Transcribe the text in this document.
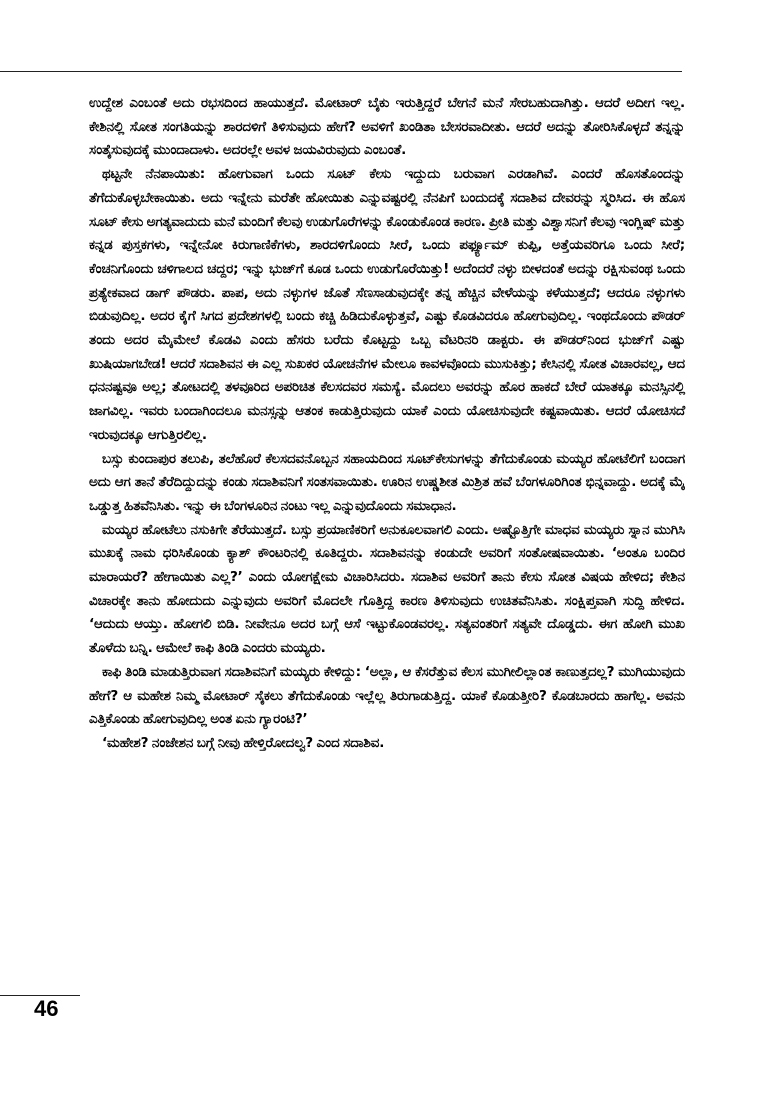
ಉದ್ದೇಶ ಎಂಬಂತೆ ಅದು ರಭಸದಿಂದ ಹಾಯುತ್ತದೆ. ಮೋಟಾರ್ ಬೈಕು ಇರುತ್ತಿದ್ದರೆ ಬೇಗನೆ ಮನೆ ಸೇರಬಹುದಾಗಿತ್ತು. ಆದರೆ ಅದೀಗ ಇಲ್ಲ. ಕೇಶಿನಲ್ಲಿ ಸೋತ ಸಂಗತಿಯನ್ನು ಶಾರದಳಿಗೆ ತಿಳಿಸುವುದು ಹೇಗೆ? ಅವಳಿಗೆ ಖಂಡಿತಾ ಬೇಸರವಾದೀತು. ಆದರೆ ಅದನ್ನು ತೋರಿಸಿಕೊಳ್ಳದೆ ತನ್ನನ್ನು ಸಂತೈಸುವುದಕ್ಕೆ ಮುಂದಾದಾಳು. ಅದರಲ್ಲೇ ಅವಳ ಜಯವಿರುವುದು ಎಂಬಂತೆ.

ಥಟ್ಟನೇ ನೆನಪಾಯಿತು: ಹೋಗುವಾಗ ಒಂದು ಸೂಟ್ ಕೇಸು ಇದ್ದುದು ಬರುವಾಗ ಎರಡಾಗಿವೆ. ಎಂದರೆ ಹೊಸತೊಂದನ್ನು ತೆಗೆದುಕೊಳ್ಳಬೇಕಾಯಿತು. ಅದು ಇನ್ನೇನು ಮರೆತೇ ಹೋಯಿತು ಎನ್ನುವಷ್ಟರಲ್ಲಿ ನೆನಪಿಗೆ ಬಂದುದಕ್ಕೆ ಸದಾಶಿವ ದೇವರನ್ನು ಸ್ಮರಿಸಿದ. ಈ ಹೊಸ ಸೂಟ್ ಕೇಸು ಅಗತ್ಯವಾದುದು ಮನೆ ಮಂದಿಗೆ ಕೆಲವು ಉಡುಗೊರೆಗಳನ್ನು ಕೊಂಡುಕೊಂಡ ಕಾರಣ. ಪ್ರೀತಿ ಮತ್ತು ವಿಶ್ವಾಸನಿಗೆ ಕೆಲವು ಇಂಗ್ಲಿಷ್ ಮತ್ತು ಕನ್ನಡ ಪುಸ್ತಕಗಳು, ಇನ್ನೇನೋ ಕಿರುಗಾಣಿಕೆಗಳು, ಶಾರದಳಿಗೊಂದು ಸೀರೆ, ಒಂದು ಪರ್ಫ್ಯೂಮ್ ಕುಪ್ಪಿ, ಅತ್ತೆಯವರಿಗೂ ಒಂದು ಸೀರೆ; ಕೆಂಚನಿಗೊಂದು ಚಳಿಗಾಲದ ಚದ್ದರ; ಇನ್ನು ಭುಜ್‌ಗೆ ಕೂಡ ಒಂದು ಉಡುಗೊರೆಯಿತ್ತು! ಅದೆಂದರೆ ನಳ್ಳು ಬೀಳದಂತೆ ಅದನ್ನು ರಕ್ಷಿಸುವಂಥ ಒಂದು ಪ್ರತ್ಯೇಕವಾದ ಡಾಗ್ ಪೌಡರು. ಪಾಪ, ಅದು ನಳ್ಳುಗಳ ಜೊತೆ ಸೆಣಸಾಡುವುದಕ್ಕೇ ತನ್ನ ಹೆಚ್ಚಿನ ವೇಳೆಯನ್ನು ಕಳೆಯುತ್ತದೆ; ಆದರೂ ನಳ್ಳುಗಳು ಬಿಡುವುದಿಲ್ಲ. ಅದರ ಕೈಗೆ ಸಿಗದ ಪ್ರದೇಶಗಳಲ್ಲಿ ಬಂದು ಕಚ್ಚಿ ಹಿಡಿದುಕೊಳ್ಳುತ್ತವೆ, ಎಷ್ಟು ಕೊಡವಿದರೂ ಹೋಗುವುದಿಲ್ಲ. ಇಂಥದೊಂದು ಪೌಡರ್ ತಂದು ಅದರ ಮೈಮೇಲೆ ಕೊಡವಿ ಎಂದು ಹೆಸರು ಬರೆದು ಕೊಟ್ಟದ್ದು ಒಬ್ಬ ವೆಟರಿನರಿ ಡಾಕ್ಟರು. ಈ ಪೌಡರ್‌ನಿಂದ ಭುಜ್‌ಗೆ ಎಷ್ಟು ಖುಷಿಯಾಗಬೇಡ! ಆದರೆ ಸದಾಶಿವನ ಈ ಎಲ್ಲ ಸುಖಕರ ಯೋಚನೆಗಳ ಮೇಲೂ ಕಾವಳವೊಂದು ಮುಸುಕಿತ್ತು; ಕೇಸಿನಲ್ಲಿ ಸೋತ ವಿಚಾರವಲ್ಲ, ಆದ ಧನನಷ್ಟವೂ ಅಲ್ಲ; ತೋಟದಲ್ಲಿ ತಳವೂರಿದ ಅಪರಿಚಿತ ಕೆಲಸದವರ ಸಮಸ್ಯೆ. ಮೊದಲು ಅವರನ್ನು ಹೊರ ಹಾಕದೆ ಬೇರೆ ಯಾತಕ್ಕೂ ಮನಸ್ಸಿನಲ್ಲಿ ಜಾಗವಿಲ್ಲ. ಇವರು ಬಂದಾಗಿಂದಲೂ ಮನಸ್ಸನ್ನು ಆತಂಕ ಕಾಡುತ್ತಿರುವುದು ಯಾಕೆ ಎಂದು ಯೋಚಿಸುವುದೇ ಕಷ್ಟವಾಯಿತು. ಆದರೆ ಯೋಚಿಸದೆ ಇರುವುದಕ್ಕೂ ಆಗುತ್ತಿರಲಿಲ್ಲ.

ಬಸ್ಸು ಕುಂದಾಪುರ ತಲುಪಿ, ತಲೆಹೊರೆ ಕೆಲಸದವನೊಬ್ಬನ ಸಹಾಯದಿಂದ ಸೂಟ್‌ಕೇಸುಗಳನ್ನು ತೆಗೆದುಕೊಂಡು ಮಯ್ಯರ ಹೋಟೆಲಿಗೆ ಬಂದಾಗ ಅದು ಆಗ ತಾನೆ ತೆರೆದಿದ್ದುದನ್ನು ಕಂಡು ಸದಾಶಿವನಿಗೆ ಸಂತಸವಾಯಿತು. ಊರಿನ ಉಷ್ಣಶೀತ ಮಿಶ್ರಿತ ಹವೆ ಬೆಂಗಳೂರಿಗಿಂತ ಭಿನ್ನವಾದ್ದು. ಅದಕ್ಕೆ ಮೈ ಒಡ್ಡುತ್ತ ಹಿತವೆನಿಸಿತು. ಇನ್ನು ಈ ಬೆಂಗಳೂರಿನ ನಂಟು ಇಲ್ಲ ಎನ್ನುವುದೊಂದು ಸಮಾಧಾನ.

ಮಯ್ಯರ ಹೋಟೆಲು ನಸುಕಿಗೇ ತೆರೆಯುತ್ತದೆ. ಬಸ್ಸು ಪ್ರಯಾಣಿಕರಿಗೆ ಅನುಕೂಲವಾಗಲಿ ಎಂದು. ಅಷ್ಟೊತ್ತಿಗೇ ಮಾಧವ ಮಯ್ಯರು ಸ್ನಾನ ಮುಗಿಸಿ ಮುಖಕ್ಕೆ ನಾಮ ಧರಿಸಿಕೊಂಡು ಕ್ಯಾಶ್ ಕೌಂಟರಿನಲ್ಲಿ ಕೂತಿದ್ದರು. ಸದಾಶಿವನನ್ನು ಕಂಡುದೇ ಅವರಿಗೆ ಸಂತೋಷವಾಯಿತು. ‘ಅಂತೂ ಬಂದಿರ ಮಾರಾಯರೆ? ಹೇಗಾಯಿತು ಎಲ್ಲ?’ ಎಂದು ಯೋಗಕ್ಷೇಮ ವಿಚಾರಿಸಿದರು. ಸದಾಶಿವ ಅವರಿಗೆ ತಾನು ಕೇಸು ಸೋತ ವಿಷಯ ಹೇಳಿದ; ಕೇಶಿನ ವಿಚಾರಕ್ಕೇ ತಾನು ಹೋದುದು ಎನ್ನುವುದು ಅವರಿಗೆ ಮೊದಲೇ ಗೊತ್ತಿದ್ದ ಕಾರಣ ತಿಳಿಸುವುದು ಉಚಿತವೆನಿಸಿತು. ಸಂಕ್ಷಿಪ್ತವಾಗಿ ಸುದ್ದಿ ಹೇಳಿದ. ‘ಆದುದು ಆಯ್ತು. ಹೋಗಲಿ ಬಿಡಿ. ನೀವೇನೂ ಅದರ ಬಗ್ಗೆ ಆಸೆ ಇಟ್ಟುಕೊಂಡವರಲ್ಲ. ಸತ್ಯವಂತರಿಗೆ ಸತ್ಯವೇ ದೊಡ್ಡದು. ಈಗ ಹೋಗಿ ಮುಖ ತೊಳೆದು ಬನ್ನಿ. ಆಮೇಲೆ ಕಾಫಿ ತಿಂಡಿ ಎಂದರು ಮಯ್ಯರು.

ಕಾಫಿ ತಿಂಡಿ ಮಾಡುತ್ತಿರುವಾಗ ಸದಾಶಿವನಿಗೆ ಮಯ್ಯರು ಕೇಳಿದ್ದು: ‘ಅಲ್ಲಾ, ಆ ಕೆಸರೆತ್ತುವ ಕೆಲಸ ಮುಗೀಲಿಲ್ಲಾಂತ ಕಾಣುತ್ತದಲ್ಲ? ಮುಗಿಯುವುದು ಹೇಗೆ? ಆ ಮಹೇಶ ನಿಮ್ಮ ಮೋಟಾರ್ ಸೈಕಲು ತೆಗೆದುಕೊಂಡು ಇಲ್ಲೆಲ್ಲ ತಿರುಗಾಡುತ್ತಿದ್ದ. ಯಾಕೆ ಕೊಡುತ್ತೀರಿ? ಕೊಡಬಾರದು ಹಾಗೆಲ್ಲ. ಅವನು ಎತ್ತಿಕೊಂಡು ಹೋಗುವುದಿಲ್ಲ ಅಂತ ಏನು ಗ್ಯಾರಂಟಿ?’

‘ಮಹೇಶ? ನಂಜೇಶನ ಬಗ್ಗೆ ನೀವು ಹೇಳ್ತಿರೋದಲ್ವ? ಎಂದ ಸದಾಶಿವ.

46
